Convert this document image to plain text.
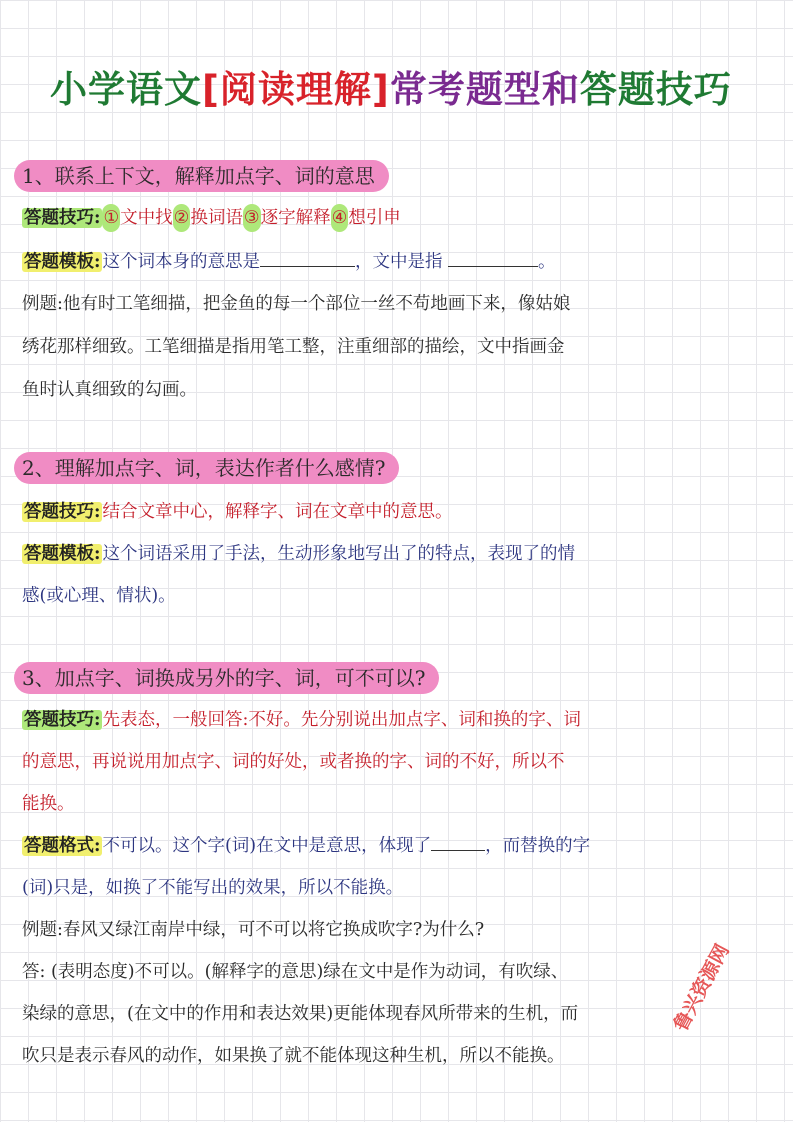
小学语文[阅读理解]常考题型和答题技巧
1、联系上下文，解释加点字、词的意思
答题技巧: ①文中找②换词语③逐字解释④想引申
答题模板: 这个词本身的意思是	，文中是指	。
例题:他有时工笔细描，把金鱼的每一个部位一丝不苟地画下来，像姑娘
绣花那样细致。工笔细描是指用笔工整，注重细部的描绘，文中指画金
鱼时认真细致的勾画。
2、理解加点字、词，表达作者什么感情?
答题技巧: 结合文章中心，解释字、词在文章中的意思。
答题模板: 这个词语采用了手法，生动形象地写出了的特点，表现了的情
感(或心理、情状)。
3、加点字、词换成另外的字、词，可不可以?
答题技巧: 先表态，一般回答:不好。先分别说出加点字、词和换的字、词
的意思，再说说用加点字、词的好处，或者换的字、词的不好，所以不
能换。
答题格式: 不可以。这个字(词)在文中是意思，体现了	，而替换的字
(词)只是，如换了不能写出的效果，所以不能换。
例题:春风又绿江南岸中绿，可不可以将它换成吹字?为什么?
答: (表明态度)不可以。(解释字的意思)绿在文中是作为动词，有吹绿、
染绿的意思，(在文中的作用和表达效果)更能体现春风所带来的生机，而
吹只是表示春风的动作，如果换了就不能体现这种生机，所以不能换。
鲁兴资源网
